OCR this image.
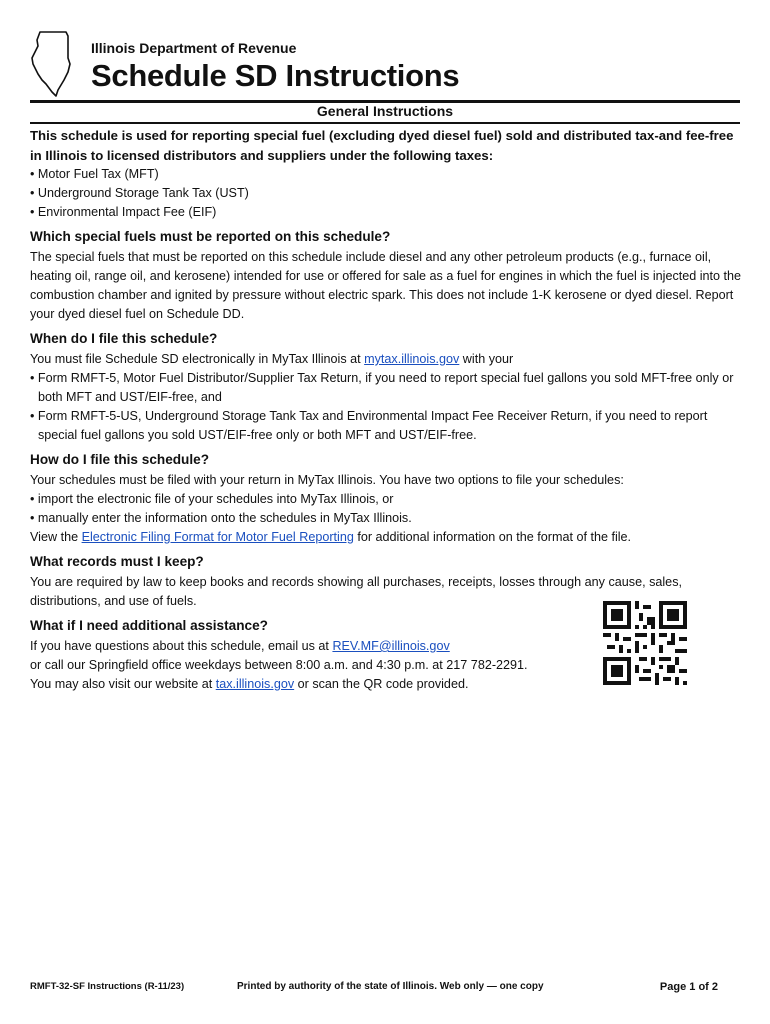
Illinois Department of Revenue
Schedule SD Instructions
General Instructions

This schedule is used for reporting special fuel (excluding dyed diesel fuel) sold and distributed tax-and fee-free in Illinois to licensed distributors and suppliers under the following taxes:

• Motor Fuel Tax (MFT)

• Underground Storage Tank Tax (UST)

• Environmental Impact Fee (EIF)

Which special fuels must be reported on this schedule?

The special fuels that must be reported on this schedule include diesel and any other petroleum products (e.g., furnace oil, heating oil, range oil, and kerosene) intended for use or offered for sale as a fuel for engines in which the fuel is injected into the combustion chamber and ignited by pressure without electric spark. This does not include 1-K kerosene or dyed diesel. Report your dyed diesel fuel on Schedule DD.

When do I file this schedule?

You must file Schedule SD electronically in MyTax Illinois at mytax.illinois.gov with your

• Form RMFT-5, Motor Fuel Distributor/Supplier Tax Return, if you need to report special fuel gallons you sold MFT-free only or both MFT and UST/EIF-free, and

• Form RMFT-5-US, Underground Storage Tank Tax and Environmental Impact Fee Receiver Return, if you need to report special fuel gallons you sold UST/EIF-free only or both MFT and UST/EIF-free.

How do I file this schedule?

Your schedules must be filed with your return in MyTax Illinois. You have two options to file your schedules:

• import the electronic file of your schedules into MyTax Illinois, or

• manually enter the information onto the schedules in MyTax Illinois.

View the Electronic Filing Format for Motor Fuel Reporting for additional information on the format of the file.

What records must I keep?

You are required by law to keep books and records showing all purchases, receipts, losses through any cause, sales, distributions, and use of fuels.

What if I need additional assistance?

If you have questions about this schedule, email us at REV.MF@illinois.gov

or call our Springfield office weekdays between 8:00 a.m. and 4:30 p.m. at 217 782-2291.

You may also visit our website at tax.illinois.gov or scan the QR code provided.

RMFT-32-SF Instructions (R-11/23)	Printed by authority of the state of Illinois. Web only — one copy	Page 1 of 2
